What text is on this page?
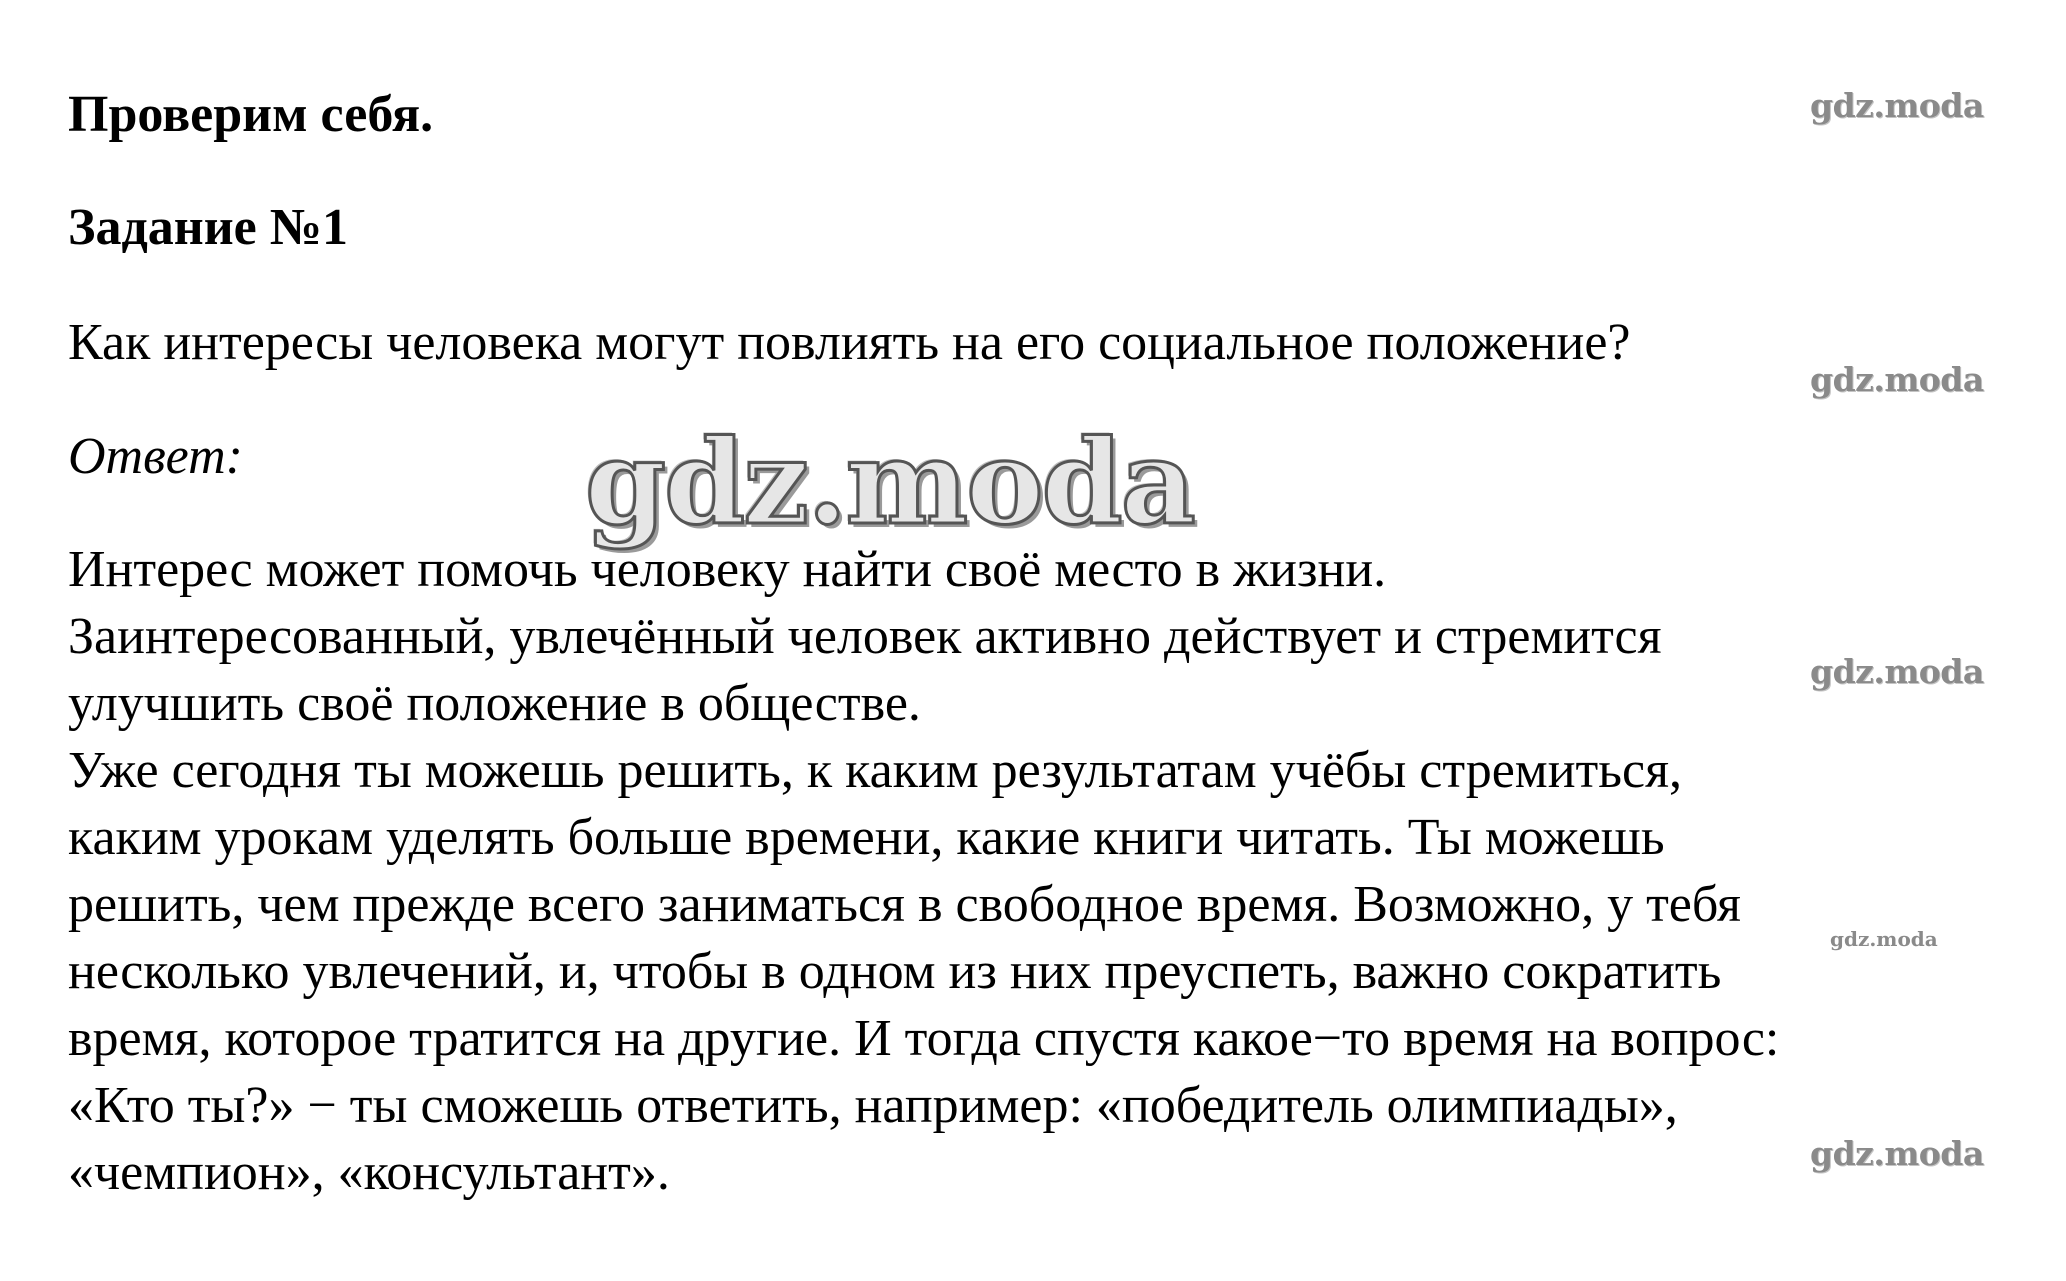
Проверим себя.
Задание №1
Как интересы человека могут повлиять на его социальное положение?
Ответ:
Интерес может помочь человеку найти своё место в жизни.
Заинтересованный, увлечённый человек активно действует и стремится
улучшить своё положение в обществе.
Уже сегодня ты можешь решить, к каким результатам учёбы стремиться,
каким урокам уделять больше времени, какие книги читать. Ты можешь
решить, чем прежде всего заниматься в свободное время. Возможно, у тебя
несколько увлечений, и, чтобы в одном из них преуспеть, важно сократить
время, которое тратится на другие. И тогда спустя какое−то время на вопрос:
«Кто ты?» − ты сможешь ответить, например: «победитель олимпиады»,
«чемпион», «консультант».
gdz.moda
gdz.moda
gdz.moda
gdz.moda
gdz.moda
gdz.moda
